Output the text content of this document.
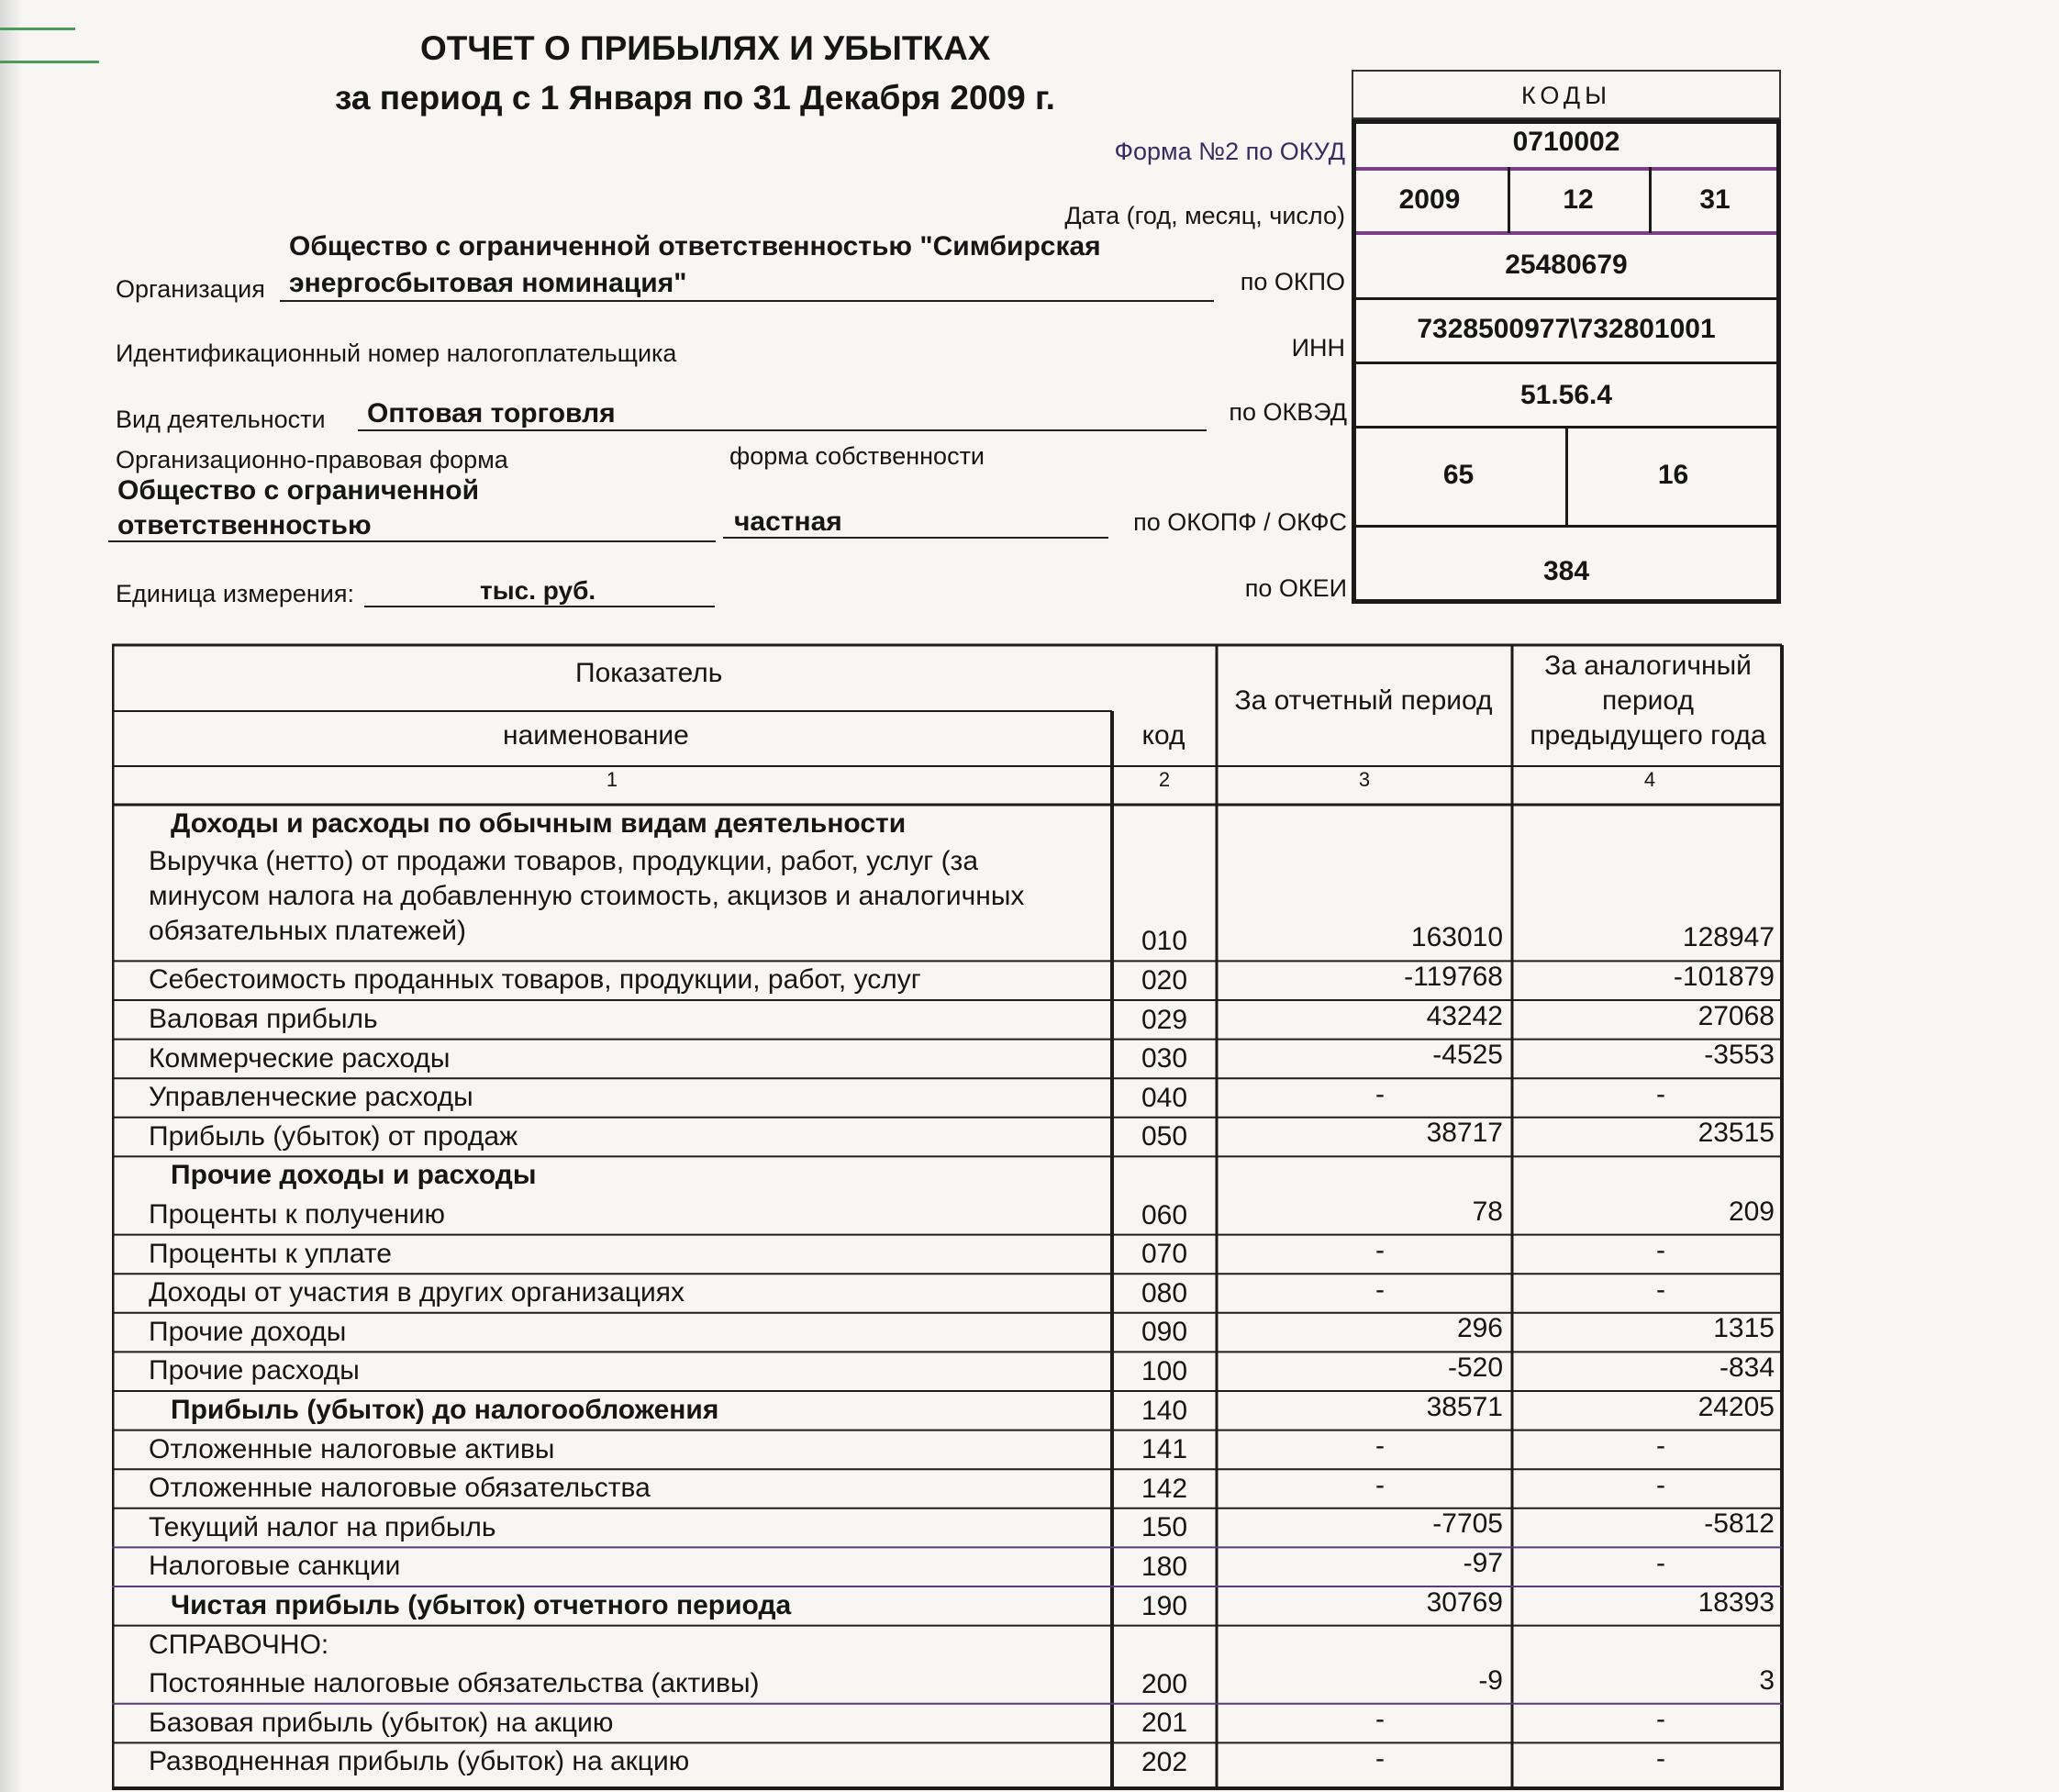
ОТЧЕТ О ПРИБЫЛЯХ И УБЫТКАХ
за период с 1 Января по 31 Декабря 2009 г.
Форма №2 по ОКУД
Дата (год, месяц, число)
Организация
Общество с ограниченной ответственностью "Симбирская
энергосбытовая номинация"	по ОКПО
Идентификационный номер налогоплательщика	ИНН
Вид деятельности Оптовая торговля	по ОКВЭД
Организационно-правовая форма	форма собственности
Общество с ограниченной
ответственностью	частная	по ОКОПФ / ОКФС
Единица измерения:	тыс. руб.	по ОКЕИ
КОДЫ
0710002
2009	12	31
25480679
7328500977\732801001
51.56.4
65	16
384
Показатель
наименование	код
За отчетный период
За аналогичный
период
предыдущего года
1	2	3	4
Доходы и расходы по обычным видам деятельности
Выручка (нетто) от продажи товаров, продукции, работ, услуг (за
минусом налога на добавленную стоимость, акцизов и аналогичных
обязательных платежей)	010	163010	128947
Себестоимость проданных товаров, продукции, работ, услуг	020	-119768	-101879
Валовая прибыль	029	43242	27068
Коммерческие расходы	030	-4525	-3553
Управленческие расходы	040	-	-
Прибыль (убыток) от продаж	050	38717	23515
Прочие доходы и расходы
Проценты к получению	060	78	209
Проценты к уплате	070	-	-
Доходы от участия в других организациях	080	-	-
Прочие доходы	090	296	1315
Прочие расходы	100	-520	-834
Прибыль (убыток) до налогообложения	140	38571	24205
Отложенные налоговые активы	141	-	-
Отложенные налоговые обязательства	142	-	-
Текущий налог на прибыль	150	-7705	-5812
Налоговые санкции	180	-97	-
Чистая прибыль (убыток) отчетного периода	190	30769	18393
СПРАВОЧНО:
Постоянные налоговые обязательства (активы)	200	-9	3
Базовая прибыль (убыток) на акцию	201	-	-
Разводненная прибыль (убыток) на акцию	202	-	-
